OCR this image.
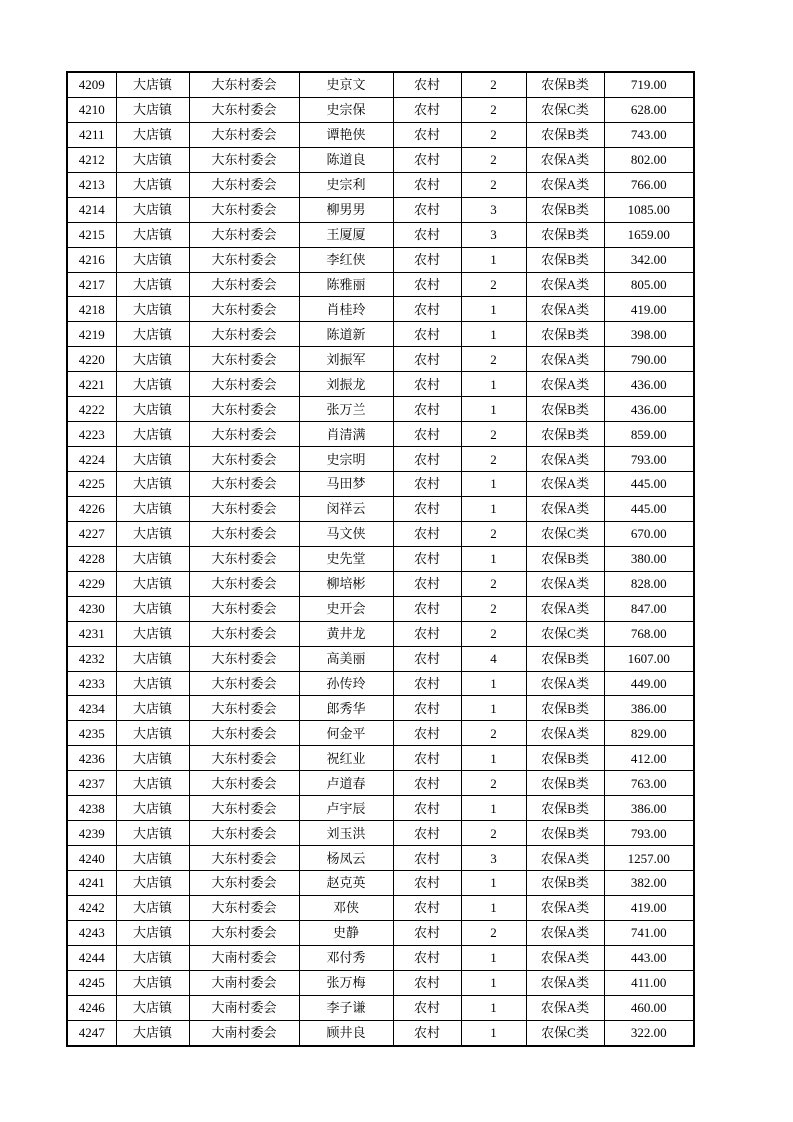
4209	大店镇	大东村委会	史京文	农村	2	农保B类	719.00
4210	大店镇	大东村委会	史宗保	农村	2	农保C类	628.00
4211	大店镇	大东村委会	谭艳侠	农村	2	农保B类	743.00
4212	大店镇	大东村委会	陈道良	农村	2	农保A类	802.00
4213	大店镇	大东村委会	史宗利	农村	2	农保A类	766.00
4214	大店镇	大东村委会	柳男男	农村	3	农保B类	1085.00
4215	大店镇	大东村委会	王厦厦	农村	3	农保B类	1659.00
4216	大店镇	大东村委会	李红侠	农村	1	农保B类	342.00
4217	大店镇	大东村委会	陈雅丽	农村	2	农保A类	805.00
4218	大店镇	大东村委会	肖桂玲	农村	1	农保A类	419.00
4219	大店镇	大东村委会	陈道新	农村	1	农保B类	398.00
4220	大店镇	大东村委会	刘振军	农村	2	农保A类	790.00
4221	大店镇	大东村委会	刘振龙	农村	1	农保A类	436.00
4222	大店镇	大东村委会	张万兰	农村	1	农保B类	436.00
4223	大店镇	大东村委会	肖清满	农村	2	农保B类	859.00
4224	大店镇	大东村委会	史宗明	农村	2	农保A类	793.00
4225	大店镇	大东村委会	马田梦	农村	1	农保A类	445.00
4226	大店镇	大东村委会	闵祥云	农村	1	农保A类	445.00
4227	大店镇	大东村委会	马文侠	农村	2	农保C类	670.00
4228	大店镇	大东村委会	史先堂	农村	1	农保B类	380.00
4229	大店镇	大东村委会	柳培彬	农村	2	农保A类	828.00
4230	大店镇	大东村委会	史开会	农村	2	农保A类	847.00
4231	大店镇	大东村委会	黄井龙	农村	2	农保C类	768.00
4232	大店镇	大东村委会	高美丽	农村	4	农保B类	1607.00
4233	大店镇	大东村委会	孙传玲	农村	1	农保A类	449.00
4234	大店镇	大东村委会	郎秀华	农村	1	农保B类	386.00
4235	大店镇	大东村委会	何金平	农村	2	农保A类	829.00
4236	大店镇	大东村委会	祝红业	农村	1	农保B类	412.00
4237	大店镇	大东村委会	卢道春	农村	2	农保B类	763.00
4238	大店镇	大东村委会	卢宇辰	农村	1	农保B类	386.00
4239	大店镇	大东村委会	刘玉洪	农村	2	农保B类	793.00
4240	大店镇	大东村委会	杨凤云	农村	3	农保A类	1257.00
4241	大店镇	大东村委会	赵克英	农村	1	农保B类	382.00
4242	大店镇	大东村委会	邓侠	农村	1	农保A类	419.00
4243	大店镇	大东村委会	史静	农村	2	农保A类	741.00
4244	大店镇	大南村委会	邓付秀	农村	1	农保A类	443.00
4245	大店镇	大南村委会	张万梅	农村	1	农保A类	411.00
4246	大店镇	大南村委会	李子谦	农村	1	农保A类	460.00
4247	大店镇	大南村委会	顾井良	农村	1	农保C类	322.00
